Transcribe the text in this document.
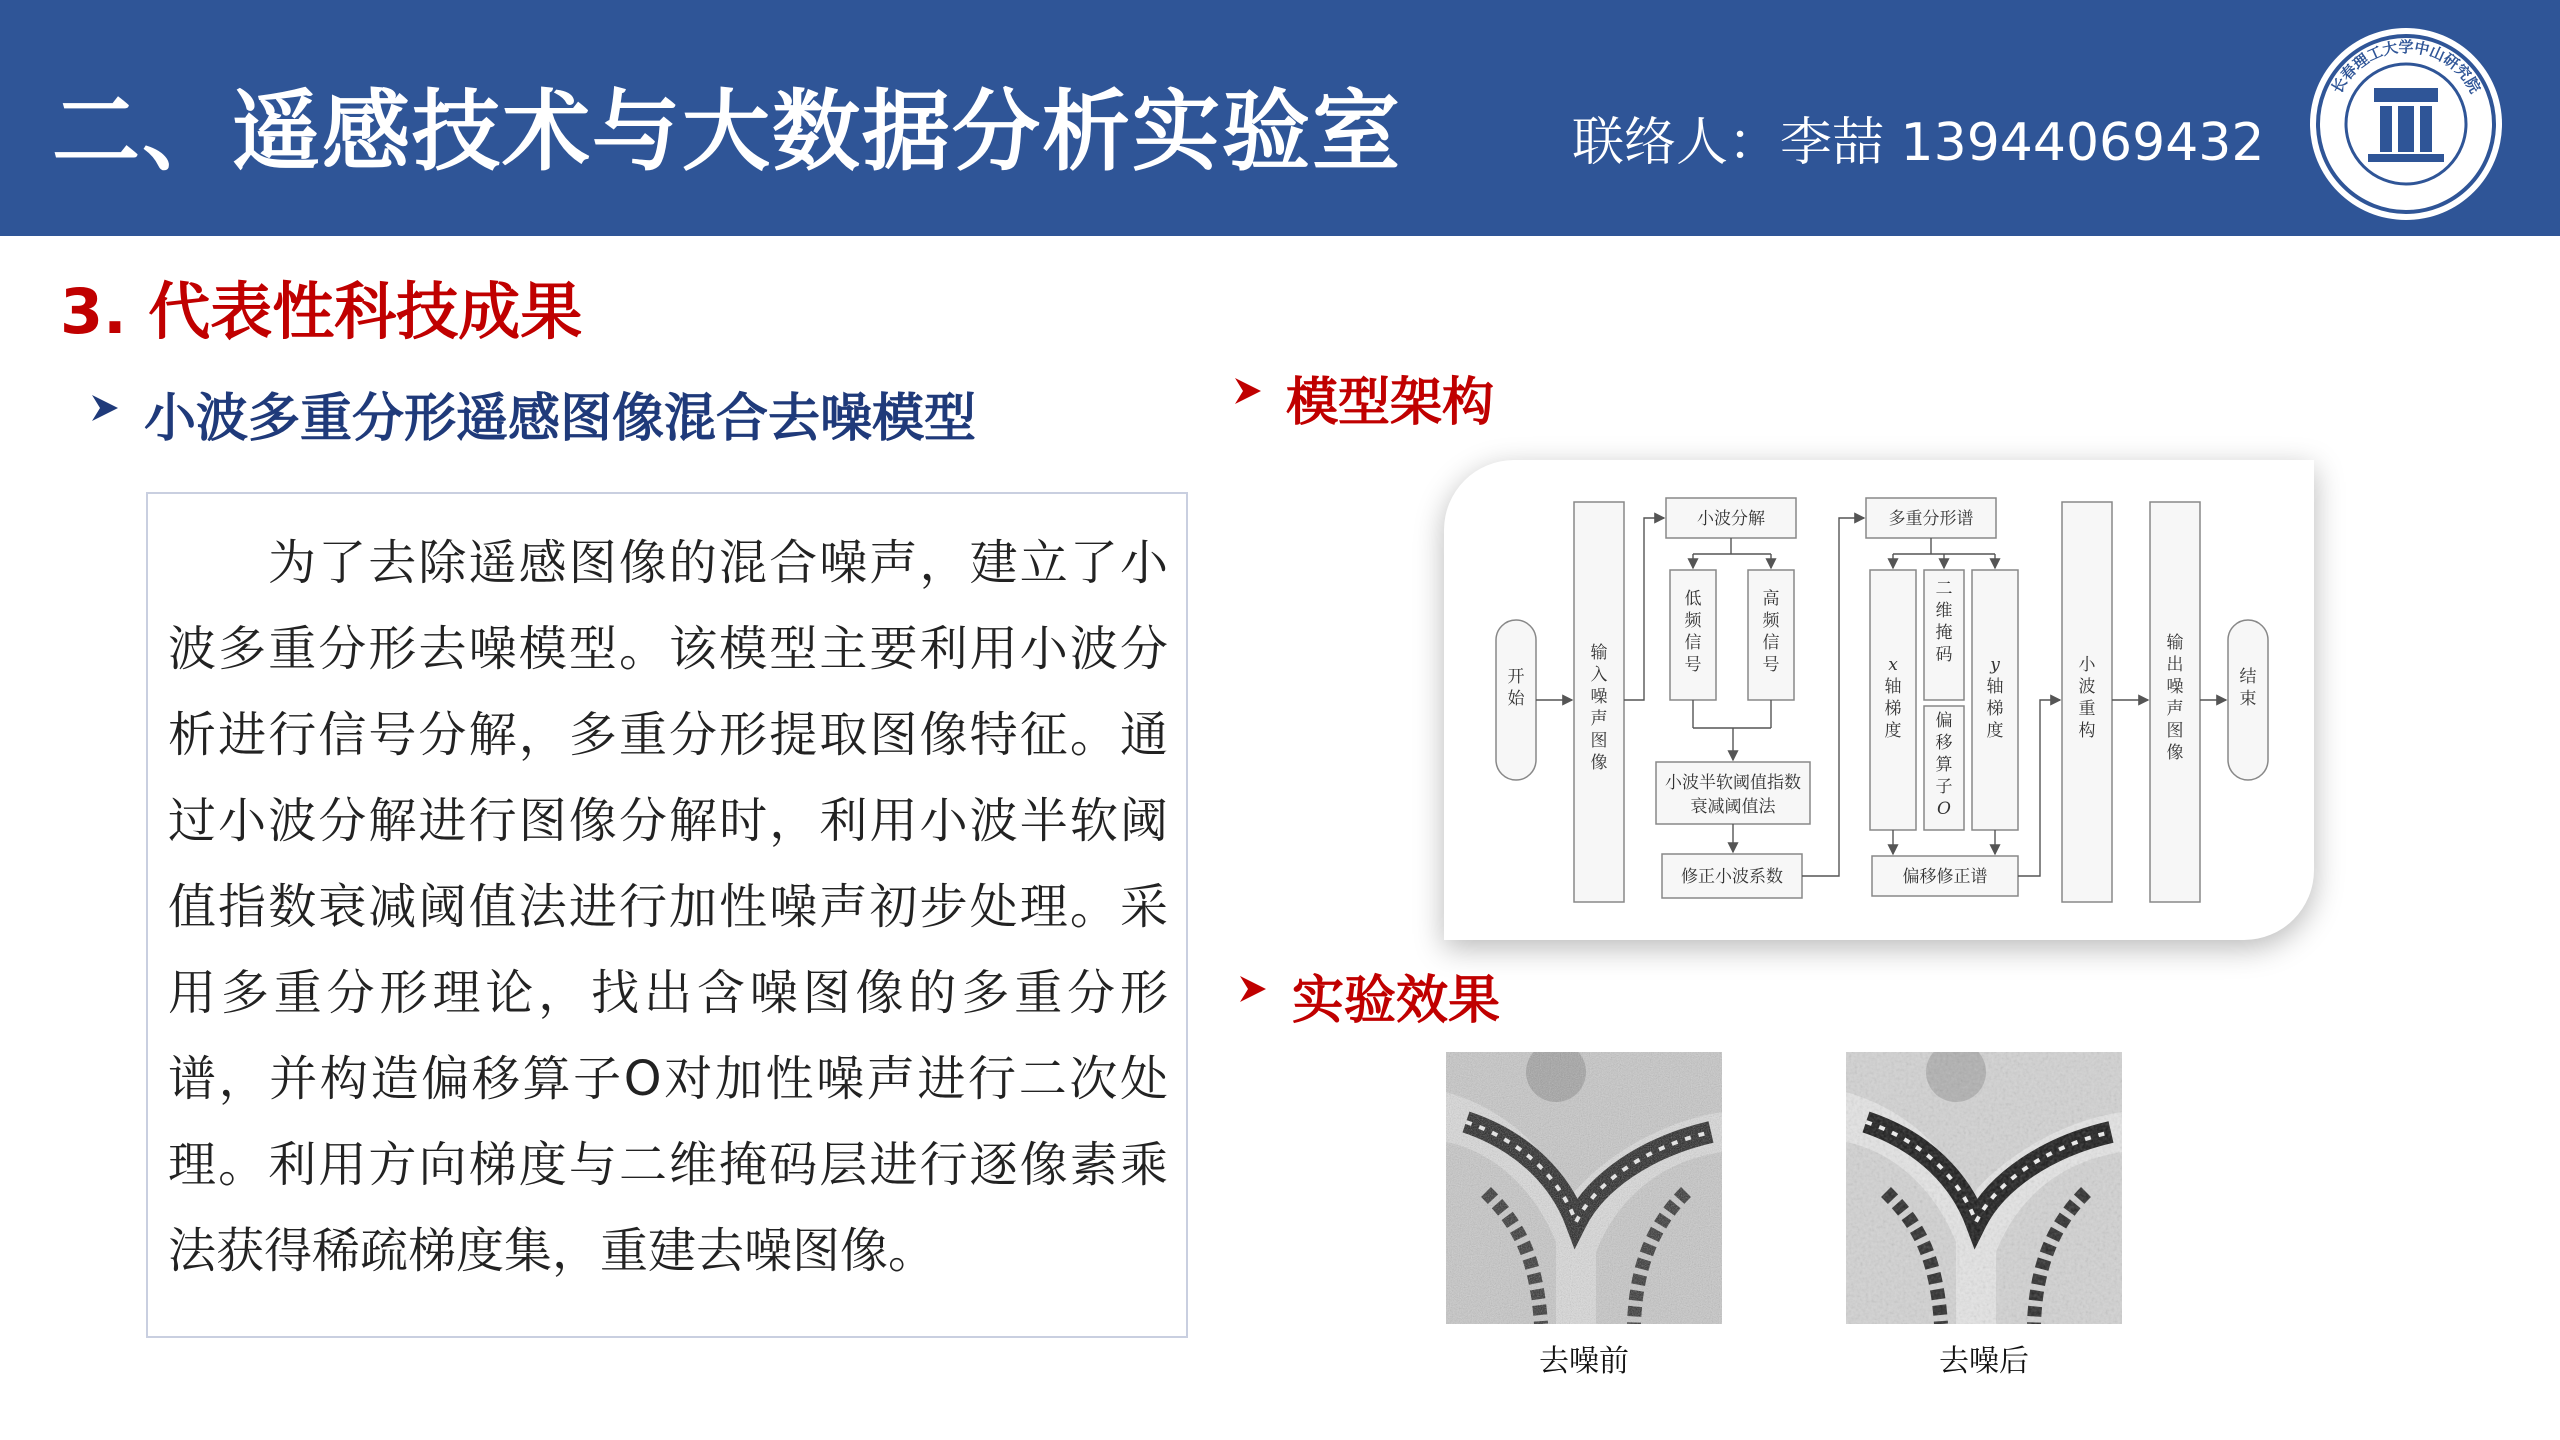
二、遥感技术与大数据分析实验室	联络人：李喆 13944069432
长春理工大学中山研究院
3. 代表性科技成果
小波多重分形遥感图像混合去噪模型

为了去除遥感图像的混合噪声，建立了小波多重分形去噪模型。该模型主要利用小波分析进行信号分解，多重分形提取图像特征。通过小波分解进行图像分解时，利用小波半软阈值指数衰减阈值法进行加性噪声初步处理。采用多重分形理论，找出含噪图像的多重分形谱，并构造偏移算子O对加性噪声进行二次处理。利用方向梯度与二维掩码层进行逐像素乘法获得稀疏梯度集，重建去噪图像。

模型架构
开始
输入噪声图像
小波分解
低频信号
高频信号
小波半软阈值指数
衰减阈值法
修正小波系数
多重分形谱
x 轴梯度
二维掩码
偏移算子 O
y 轴梯度
偏移修正谱
小波重构
输出噪声图像
结束
实验效果
去噪前	去噪后
